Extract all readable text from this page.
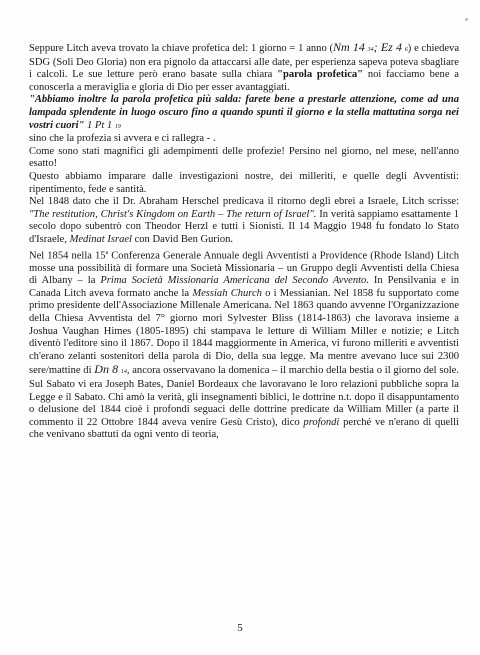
Seppure Litch aveva trovato la chiave profetica del: 1 giorno = 1 anno (Nm 14 34; Ez 4 6) e chiedeva SDG (Soli Deo Gloria) non era pignolo da attaccarsi alle date, per esperienza sapeva poteva sbagliare i calcoli. Le sue letture però erano basate sulla chiara "parola profetica" noi facciamo bene a conoscerla a meraviglia e gloria di Dio per esser avantaggiati.

"Abbiamo inoltre la parola profetica più salda: farete bene a prestarle attenzione, come ad una lampada splendente in luogo oscuro fino a quando spunti il giorno e la stella mattutina sorga nei vostri cuori" 1 Pt 1 19

sino che la profezia si avvera e ci rallegra - .

Come sono stati magnifici gli adempimenti delle profezie! Persino nel giorno, nel mese, nell'anno esatto!

Questo abbiamo imparare dalle investigazioni nostre, dei milleriti, e quelle degli Avventisti: ripentimento, fede e santità.

Nel 1848 dato che il Dr. Abraham Herschel predicava il ritorno degli ebrei a Israele, Litch scrisse: "The restitution, Christ's Kingdom on Earth – The return of Israel". In verità sappiamo esattamente 1 secolo dopo subentrò con Theodor Herzl e tutti i Sionisti. Il 14 Maggio 1948 fu fondato lo Stato d'Israele, Medinat Israel con David Ben Gurion.

Nel 1854 nella 15$^a$ Conferenza Generale Annuale degli Avventisti a Providence (Rhode Island) Litch mosse una possibilità di formare una Società Missionaria – un Gruppo degli Avventisti della Chiesa di Albany – la Prima Società Missionaria Americana del Secondo Avvento. In Pensilvania e in Canada Litch aveva formato anche la Messiah Church o i Messianian. Nel 1858 fu supportato come primo presidente dell'Associazione Millenale Americana. Nel 1863 quando avvenne l'Organizzazione della Chiesa Avventista del 7° giorno morì Sylvester Bliss (1814-1863) che lavorava insieme a Joshua Vaughan Himes (1805-1895) chi stampava le letture di William Miller e notizie; e Litch diventò l'editore sino il 1867. Dopo il 1844 maggiormente in America, vi furono milleriti e avventisti ch'erano zelanti sostenitori della parola di Dio, della sua legge. Ma mentre avevano luce sui 2300 sere/mattine di Dn 8 14, ancora osservavano la domenica – il marchio della bestia o il giorno del sole. Sul Sabato vi era Joseph Bates, Daniel Bordeaux che lavoravano le loro relazioni pubbliche sopra la Legge e il Sabato. Chi amò la verità, gli insegnamenti biblici, le dottrine n.t. dopo il disappuntamento o delusione del 1844 cioè i profondi seguaci delle dottrine predicate da William Miller (a parte il commento il 22 Ottobre 1844 aveva venire Gesù Cristo), dico profondi perché ve n'erano di quelli che venivano sbattuti da ogni vento di teoria,

5
